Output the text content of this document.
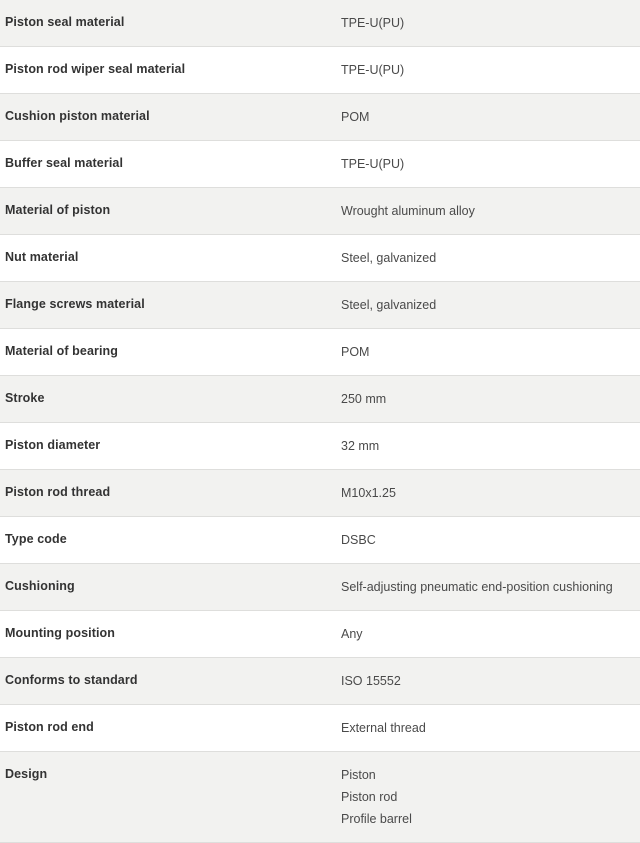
Piston seal material	TPE-U(PU)

Piston rod wiper seal material	TPE-U(PU)

Cushion piston material	POM

Buffer seal material	TPE-U(PU)

Material of piston	Wrought aluminum alloy

Nut material	Steel, galvanized

Flange screws material	Steel, galvanized

Material of bearing	POM

Stroke	250 mm

Piston diameter	32 mm

Piston rod thread	M10x1.25

Type code	DSBC

Cushioning	Self-adjusting pneumatic end-position cushioning

Mounting position	Any

Conforms to standard	ISO 15552

Piston rod end	External thread

Design	Piston
Piston rod
Profile barrel
